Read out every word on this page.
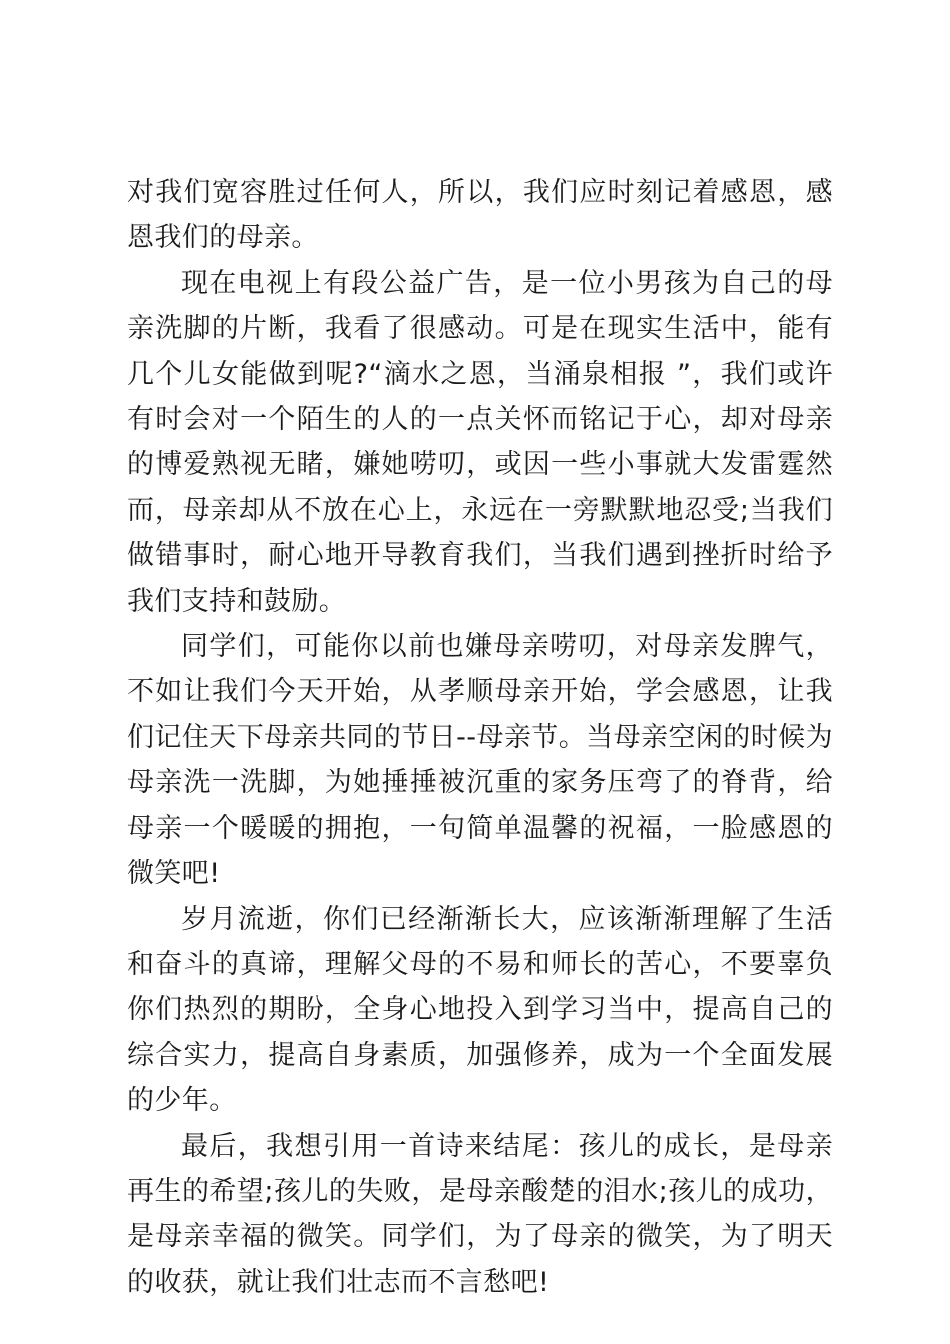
对我们宽容胜过任何人，所以，我们应时刻记着感恩，感恩我们的母亲。

现在电视上有段公益广告，是一位小男孩为自己的母亲洗脚的片断，我看了很感动。可是在现实生活中，能有几个儿女能做到呢?“滴水之恩，当涌泉相报 ”，我们或许有时会对一个陌生的人的一点关怀而铭记于心，却对母亲的博爱熟视无睹，嫌她唠叨，或因一些小事就大发雷霆然而，母亲却从不放在心上，永远在一旁默默地忍受;当我们做错事时，耐心地开导教育我们，当我们遇到挫折时给予我们支持和鼓励。

同学们，可能你以前也嫌母亲唠叨，对母亲发脾气，不如让我们今天开始，从孝顺母亲开始，学会感恩，让我们记住天下母亲共同的节日--母亲节。当母亲空闲的时候为母亲洗一洗脚，为她捶捶被沉重的家务压弯了的脊背，给母亲一个暖暖的拥抱，一句简单温馨的祝福，一脸感恩的微笑吧!

岁月流逝，你们已经渐渐长大，应该渐渐理解了生活和奋斗的真谛，理解父母的不易和师长的苦心，不要辜负你们热烈的期盼，全身心地投入到学习当中，提高自己的综合实力，提高自身素质，加强修养，成为一个全面发展的少年。

最后，我想引用一首诗来结尾：孩儿的成长，是母亲再生的希望;孩儿的失败，是母亲酸楚的泪水;孩儿的成功，是母亲幸福的微笑。同学们，为了母亲的微笑，为了明天的收获，就让我们壮志而不言愁吧!
